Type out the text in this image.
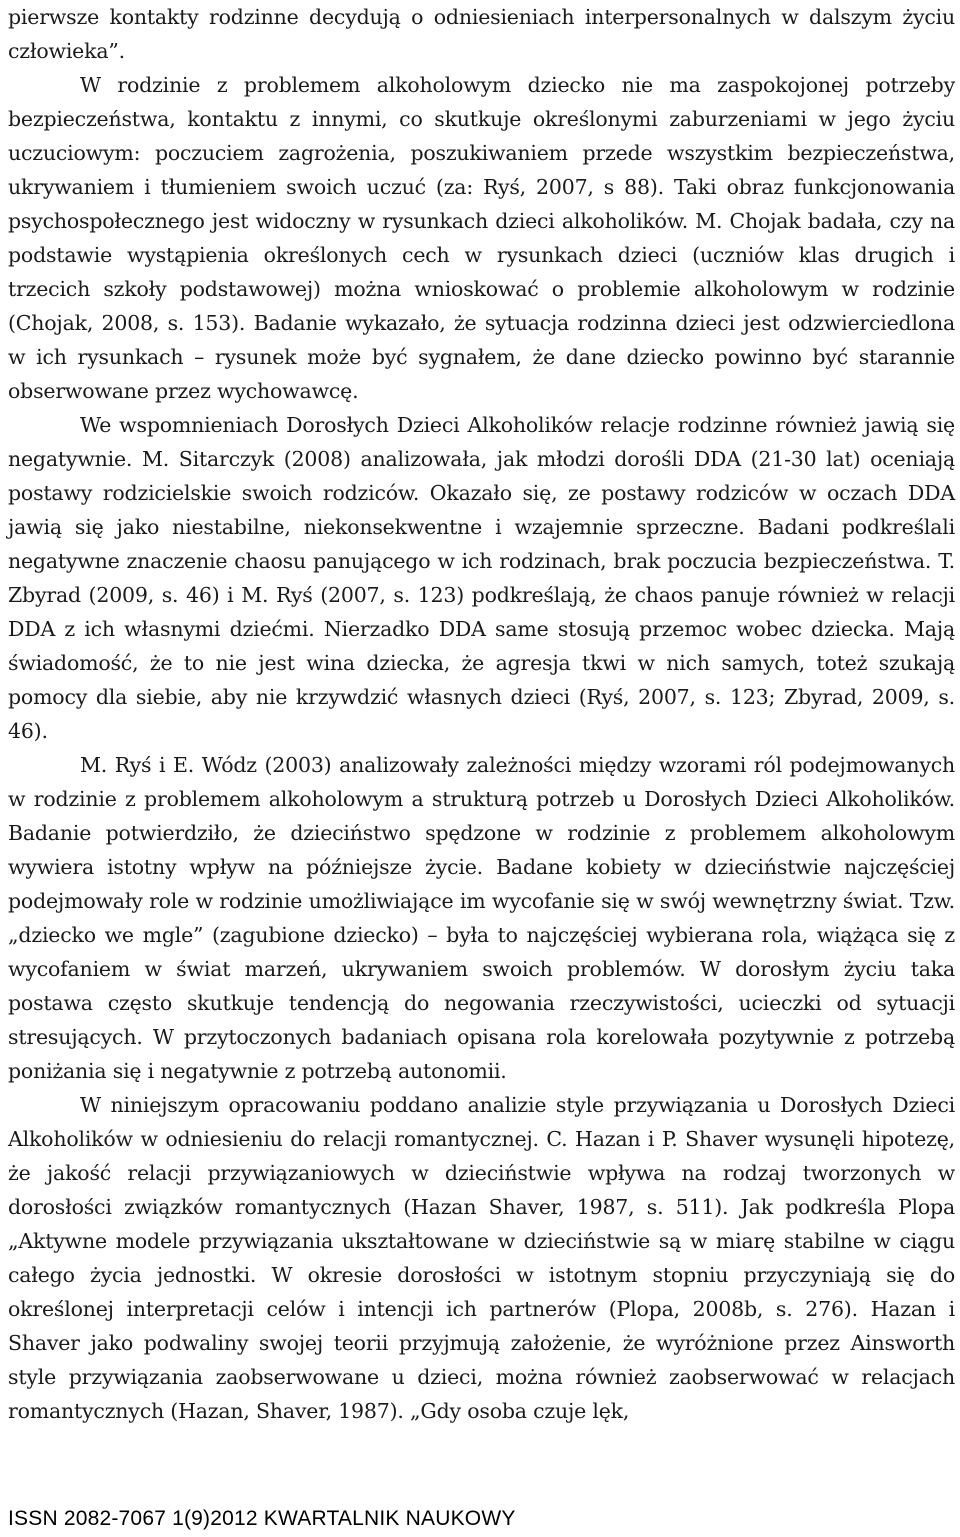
pierwsze kontakty rodzinne decydują o odniesieniach interpersonalnych w dalszym życiu człowieka”.

W rodzinie z problemem alkoholowym dziecko nie ma zaspokojonej potrzeby bezpieczeństwa, kontaktu z innymi, co skutkuje określonymi zaburzeniami w jego życiu uczuciowym: poczuciem zagrożenia, poszukiwaniem przede wszystkim bezpieczeństwa, ukrywaniem i tłumieniem swoich uczuć (za: Ryś, 2007, s 88). Taki obraz funkcjonowania psychospołecznego jest widoczny w rysunkach dzieci alkoholików. M. Chojak badała, czy na podstawie wystąpienia określonych cech w rysunkach dzieci (uczniów klas drugich i trzecich szkoły podstawowej) można wnioskować o problemie alkoholowym w rodzinie (Chojak, 2008, s. 153). Badanie wykazało, że sytuacja rodzinna dzieci jest odzwierciedlona w ich rysunkach – rysunek może być sygnałem, że dane dziecko powinno być starannie obserwowane przez wychowawcę.

We wspomnieniach Dorosłych Dzieci Alkoholików relacje rodzinne również jawią się negatywnie. M. Sitarczyk (2008) analizowała, jak młodzi dorośli DDA (21-30 lat) oceniają postawy rodzicielskie swoich rodziców. Okazało się, ze postawy rodziców w oczach DDA jawią się jako niestabilne, niekonsekwentne i wzajemnie sprzeczne. Badani podkreślali negatywne znaczenie chaosu panującego w ich rodzinach, brak poczucia bezpieczeństwa. T. Zbyrad (2009, s. 46) i M. Ryś (2007, s. 123) podkreślają, że chaos panuje również w relacji DDA z ich własnymi dziećmi. Nierzadko DDA same stosują przemoc wobec dziecka. Mają świadomość, że to nie jest wina dziecka, że agresja tkwi w nich samych, toteż szukają pomocy dla siebie, aby nie krzywdzić własnych dzieci (Ryś, 2007, s. 123; Zbyrad, 2009, s. 46).

M. Ryś i E. Wódz (2003) analizowały zależności między wzorami ról podejmowanych w rodzinie z problemem alkoholowym a strukturą potrzeb u Dorosłych Dzieci Alkoholików. Badanie potwierdziło, że dzieciństwo spędzone w rodzinie z problemem alkoholowym wywiera istotny wpływ na późniejsze życie. Badane kobiety w dzieciństwie najczęściej podejmowały role w rodzinie umożliwiające im wycofanie się w swój wewnętrzny świat. Tzw. „dziecko we mgle” (zagubione dziecko) – była to najczęściej wybierana rola, wiążąca się z wycofaniem w świat marzeń, ukrywaniem swoich problemów. W dorosłym życiu taka postawa często skutkuje tendencją do negowania rzeczywistości, ucieczki od sytuacji stresujących. W przytoczonych badaniach opisana rola korelowała pozytywnie z potrzebą poniżania się i negatywnie z potrzebą autonomii.

W niniejszym opracowaniu poddano analizie style przywiązania u Dorosłych Dzieci Alkoholików w odniesieniu do relacji romantycznej. C. Hazan i P. Shaver wysunęli hipotezę, że jakość relacji przywiązaniowych w dzieciństwie wpływa na rodzaj tworzonych w dorosłości związków romantycznych (Hazan Shaver, 1987, s. 511). Jak podkreśla Plopa „Aktywne modele przywiązania ukształtowane w dzieciństwie są w miarę stabilne w ciągu całego życia jednostki. W okresie dorosłości w istotnym stopniu przyczyniają się do określonej interpretacji celów i intencji ich partnerów (Plopa, 2008b, s. 276). Hazan i Shaver jako podwaliny swojej teorii przyjmują założenie, że wyróżnione przez Ainsworth style przywiązania zaobserwowane u dzieci, można również zaobserwować w relacjach romantycznych (Hazan, Shaver, 1987). „Gdy osoba czuje lęk,

ISSN 2082-7067 1(9)2012 KWARTALNIK NAUKOWY
